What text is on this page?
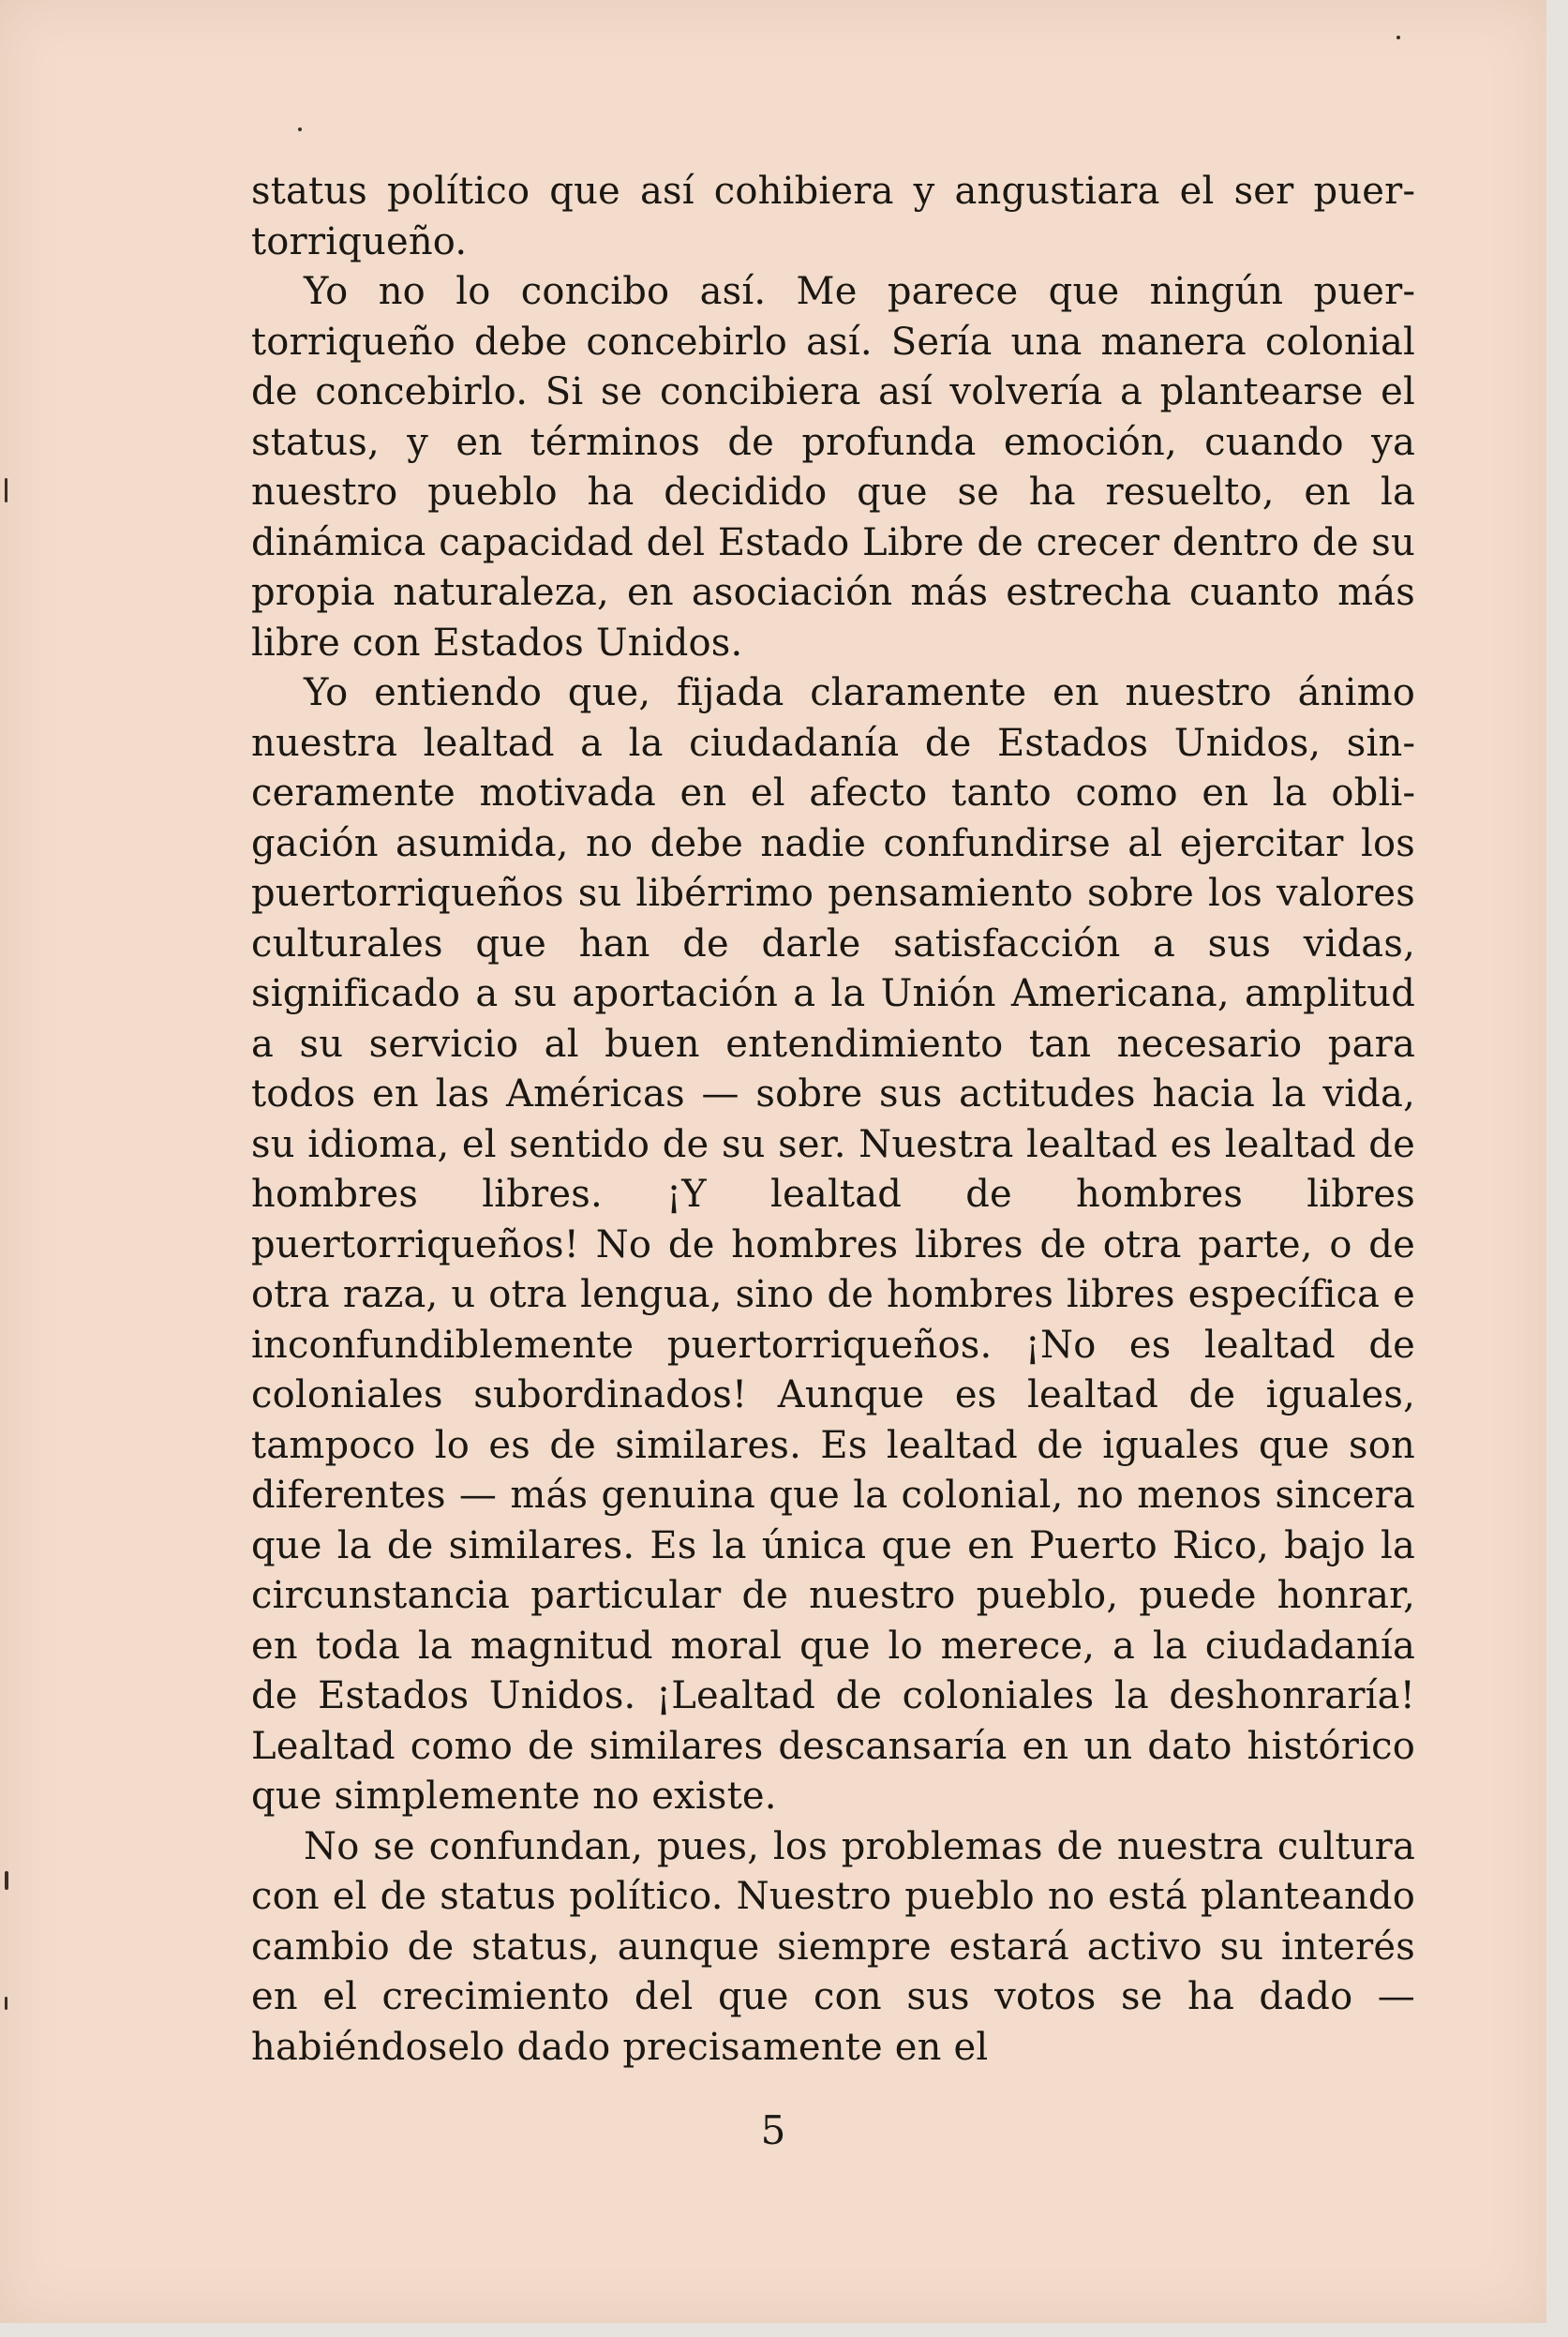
status político que así cohibiera y angustiara el ser puertorriqueño.

Yo no lo concibo así. Me parece que ningún puertorriqueño debe concebirlo así. Sería una manera colonial de concebirlo. Si se concibiera así volvería a plantearse el status, y en términos de profunda emoción, cuando ya nuestro pueblo ha decidido que se ha resuelto, en la dinámica capacidad del Estado Libre de crecer dentro de su propia naturaleza, en asociación más estrecha cuanto más libre con Estados Unidos.

Yo entiendo que, fijada claramente en nuestro ánimo nuestra lealtad a la ciudadanía de Estados Unidos, sinceramente motivada en el afecto tanto como en la obligación asumida, no debe nadie confundirse al ejercitar los puertorriqueños su libérrimo pensamiento sobre los valores culturales que han de darle satisfacción a sus vidas, significado a su aportación a la Unión Americana, amplitud a su servicio al buen entendimiento tan necesario para todos en las Américas — sobre sus actitudes hacia la vida, su idioma, el sentido de su ser. Nuestra lealtad es lealtad de hombres libres. ¡Y lealtad de hombres libres puertorriqueños! No de hombres libres de otra parte, o de otra raza, u otra lengua, sino de hombres libres específica e inconfundiblemente puertorriqueños. ¡No es lealtad de coloniales subordinados! Aunque es lealtad de iguales, tampoco lo es de similares. Es lealtad de iguales que son diferentes — más genuina que la colonial, no menos sincera que la de similares. Es la única que en Puerto Rico, bajo la circunstancia particular de nuestro pueblo, puede honrar, en toda la magnitud moral que lo merece, a la ciudadanía de Estados Unidos. ¡Lealtad de coloniales la deshonraría! Lealtad como de similares descansaría en un dato histórico que simplemente no existe.

No se confundan, pues, los problemas de nuestra cultura con el de status político. Nuestro pueblo no está planteando cambio de status, aunque siempre estará activo su interés en el crecimiento del que con sus votos se ha dado — habiéndoselo dado precisamente en el

5
